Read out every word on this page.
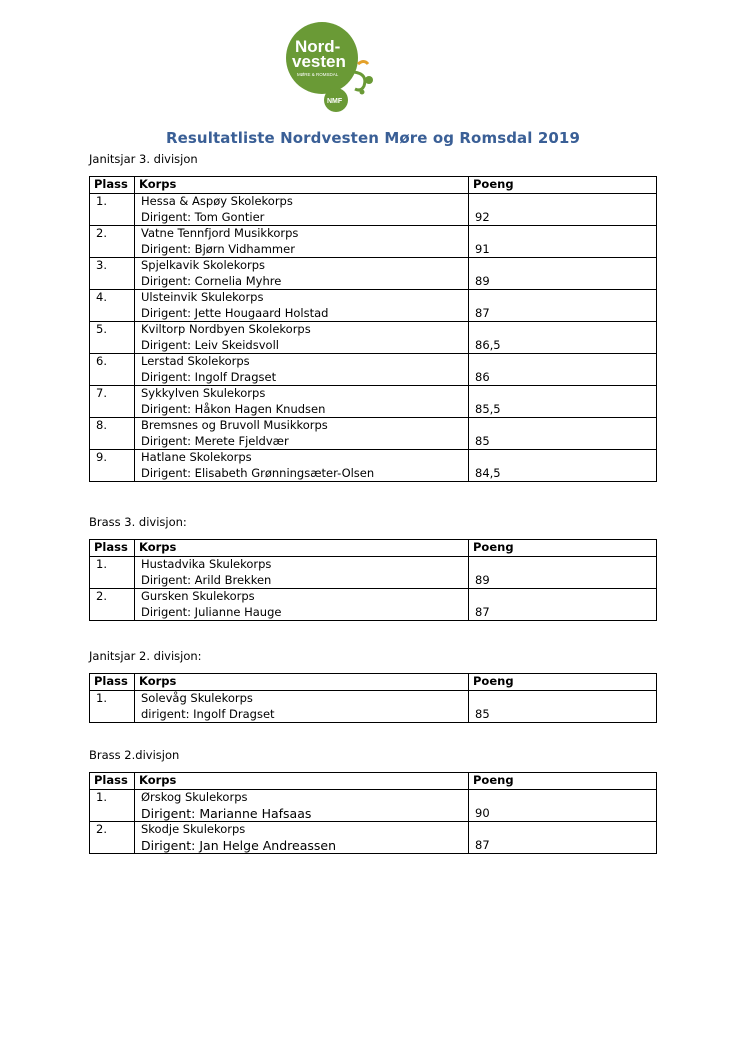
Nord-
vesten
MØRE & ROMSDAL
NMF
Resultatliste Nordvesten Møre og Romsdal 2019
Janitsjar 3. divisjon
Plass	Korps	Poeng

1.	Hessa & Aspøy Skolekorps
Dirigent: Tom Gontier	92

2.	Vatne Tennfjord Musikkorps
Dirigent: Bjørn Vidhammer	91

3.	Spjelkavik Skolekorps
Dirigent: Cornelia Myhre	89

4.	Ulsteinvik Skulekorps
Dirigent: Jette Hougaard Holstad	87

5.	Kviltorp Nordbyen Skolekorps
Dirigent: Leiv Skeidsvoll	86,5

6.	Lerstad Skolekorps
Dirigent: Ingolf Dragset	86

7.	Sykkylven Skulekorps
Dirigent: Håkon Hagen Knudsen	85,5

8.	Bremsnes og Bruvoll Musikkorps
Dirigent: Merete Fjeldvær	85

9.	Hatlane Skolekorps
Dirigent: Elisabeth Grønningsæter-Olsen	84,5
Brass 3. divisjon:
Plass	Korps	Poeng

1.	Hustadvika Skulekorps
Dirigent: Arild Brekken	89

2.	Gursken Skulekorps
Dirigent: Julianne Hauge	87
Janitsjar 2. divisjon:
Plass	Korps	Poeng

1.	Solevåg Skulekorps
dirigent: Ingolf Dragset	85
Brass 2.divisjon
Plass	Korps	Poeng

1.	Ørskog Skulekorps
Dirigent: Marianne Hafsaas	90

2.	Skodje Skulekorps
Dirigent: Jan Helge Andreassen	87
